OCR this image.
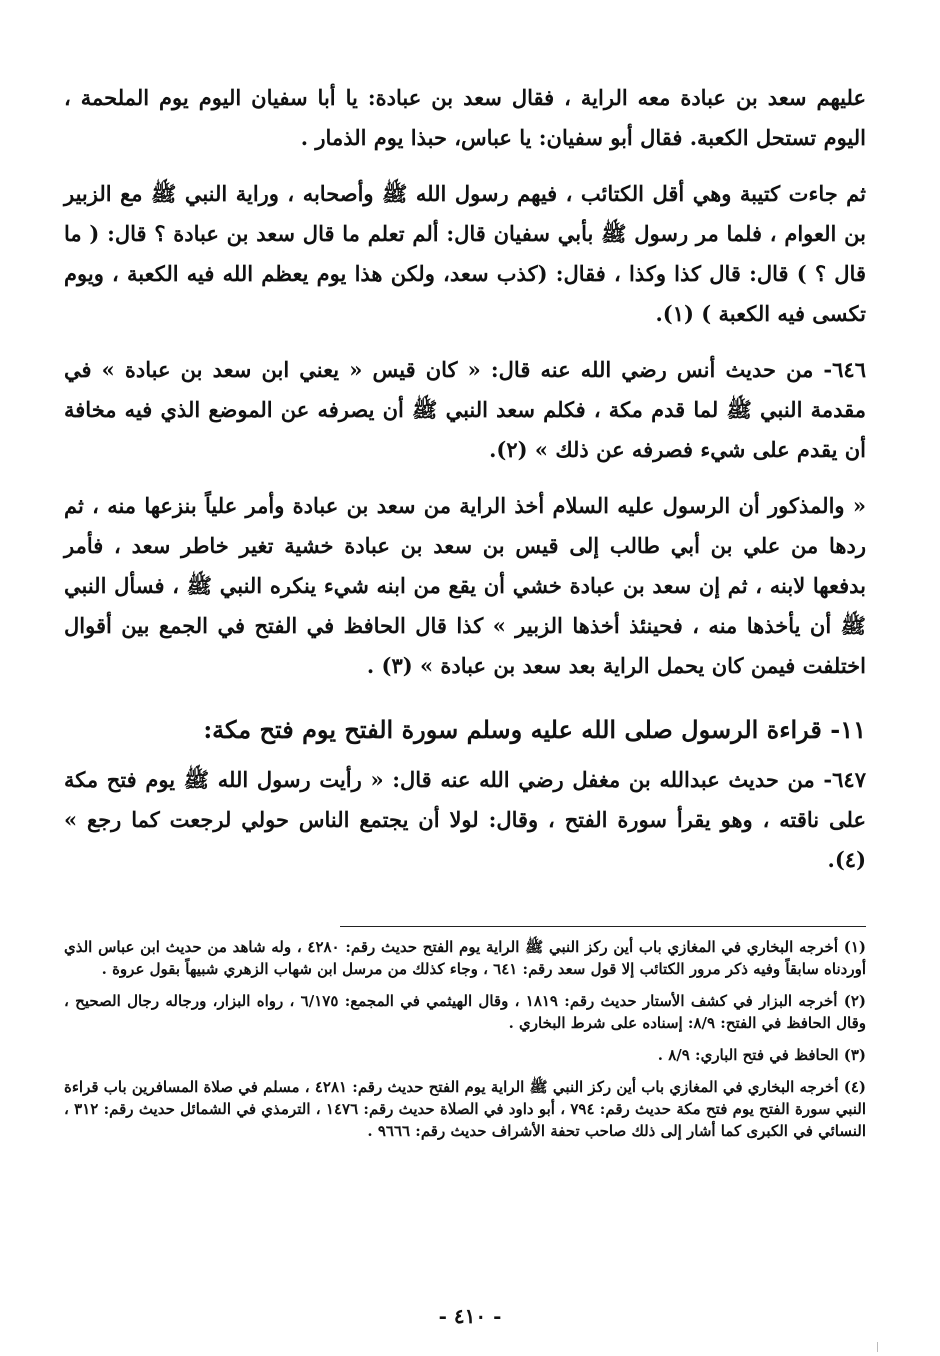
عليهم سعد بن عبادة معه الراية ، فقال سعد بن عبادة: يا أبا سفيان اليوم يوم الملحمة ، اليوم تستحل الكعبة. فقال أبو سفيان: يا عباس، حبذا يوم الذمار .

ثم جاءت كتيبة وهي أقل الكتائب ، فيهم رسول الله ﷺ وأصحابه ، وراية النبي ﷺ مع الزبير بن العوام ، فلما مر رسول ﷺ بأبي سفيان قال: ألم تعلم ما قال سعد بن عبادة ؟ قال: ( ما قال ؟ ) قال: قال كذا وكذا ، فقال: (كذب سعد، ولكن هذا يوم يعظم الله فيه الكعبة ، ويوم تكسى فيه الكعبة ) (١).

٦٤٦- من حديث أنس رضي الله عنه قال: « كان قيس « يعني ابن سعد بن عبادة » في مقدمة النبي ﷺ لما قدم مكة ، فكلم سعد النبي ﷺ أن يصرفه عن الموضع الذي فيه مخافة أن يقدم على شيء فصرفه عن ذلك » (٢).

« والمذكور أن الرسول عليه السلام أخذ الراية من سعد بن عبادة وأمر علياً بنزعها منه ، ثم ردها من علي بن أبي طالب إلى قيس بن سعد بن عبادة خشية تغير خاطر سعد ، فأمر بدفعها لابنه ، ثم إن سعد بن عبادة خشي أن يقع من ابنه شيء ينكره النبي ﷺ ، فسأل النبي ﷺ أن يأخذها منه ، فحينئذ أخذها الزبير » كذا قال الحافظ في الفتح في الجمع بين أقوال اختلفت فيمن كان يحمل الراية بعد سعد بن عبادة » (٣) .

١١- قراءة الرسول صلى الله عليه وسلم سورة الفتح يوم فتح مكة:

٦٤٧- من حديث عبدالله بن مغفل رضي الله عنه قال: « رأيت رسول الله ﷺ يوم فتح مكة على ناقته ، وهو يقرأ سورة الفتح ، وقال: لولا أن يجتمع الناس حولي لرجعت كما رجع » (٤).

(١) أخرجه البخاري في المغازي باب أين ركز النبي ﷺ الراية يوم الفتح حديث رقم: ٤٢٨٠ ، وله شاهد من حديث ابن عباس الذي أوردناه سابقاً وفيه ذكر مرور الكتائب إلا قول سعد رقم: ٦٤١ ، وجاء كذلك من مرسل ابن شهاب الزهري شبيهاً بقول عروة .

(٢) أخرجه البزار في كشف الأستار حديث رقم: ١٨١٩ ، وقال الهيثمي في المجمع: ٦/١٧٥ ، رواه البزار، ورجاله رجال الصحيح ، وقال الحافظ في الفتح: ٨/٩: إسناده على شرط البخاري .

(٣) الحافظ في فتح الباري: ٨/٩ .

(٤) أخرجه البخاري في المغازي باب أين ركز النبي ﷺ الراية يوم الفتح حديث رقم: ٤٢٨١ ، مسلم في صلاة المسافرين باب قراءة النبي سورة الفتح يوم فتح مكة حديث رقم: ٧٩٤ ، أبو داود في الصلاة حديث رقم: ١٤٧٦ ، الترمذي في الشمائل حديث رقم: ٣١٢ ، النسائي في الكبرى كما أشار إلى ذلك صاحب تحفة الأشراف حديث رقم: ٩٦٦٦ .

- ٤١٠ -
